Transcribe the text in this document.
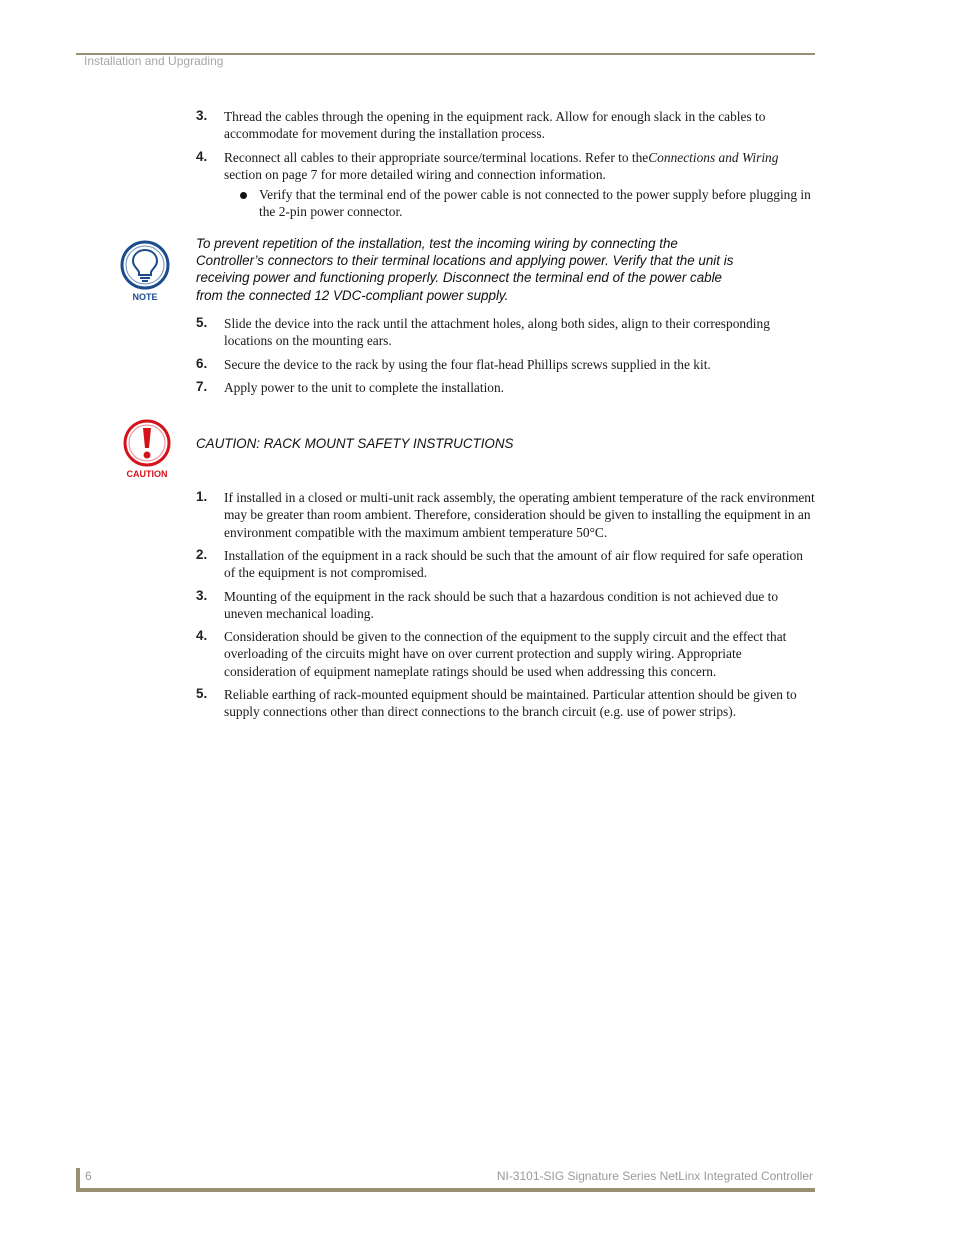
Installation and Upgrading
3. Thread the cables through the opening in the equipment rack. Allow for enough slack in the cables to accommodate for movement during the installation process.
4. Reconnect all cables to their appropriate source/terminal locations. Refer to theConnections and Wiring section on page 7 for more detailed wiring and connection information.
Verify that the terminal end of the power cable is not connected to the power supply before plugging in the 2-pin power connector.
NOTE
To prevent repetition of the installation, test the incoming wiring by connecting the Controller’s connectors to their terminal locations and applying power. Verify that the unit is receiving power and functioning properly. Disconnect the terminal end of the power cable from the connected 12 VDC-compliant power supply.
5. Slide the device into the rack until the attachment holes, along both sides, align to their corresponding locations on the mounting ears.
6. Secure the device to the rack by using the four flat-head Phillips screws supplied in the kit.
7. Apply power to the unit to complete the installation.
CAUTION
CAUTION: RACK MOUNT SAFETY INSTRUCTIONS
1. If installed in a closed or multi-unit rack assembly, the operating ambient temperature of the rack environment may be greater than room ambient. Therefore, consideration should be given to installing the equipment in an environment compatible with the maximum ambient temperature 50°C.
2. Installation of the equipment in a rack should be such that the amount of air flow required for safe operation of the equipment is not compromised.
3. Mounting of the equipment in the rack should be such that a hazardous condition is not achieved due to uneven mechanical loading.
4. Consideration should be given to the connection of the equipment to the supply circuit and the effect that overloading of the circuits might have on over current protection and supply wiring. Appropriate consideration of equipment nameplate ratings should be used when addressing this concern.
5. Reliable earthing of rack-mounted equipment should be maintained. Particular attention should be given to supply connections other than direct connections to the branch circuit (e.g. use of power strips).
6	NI-3101-SIG Signature Series NetLinx Integrated Controller
